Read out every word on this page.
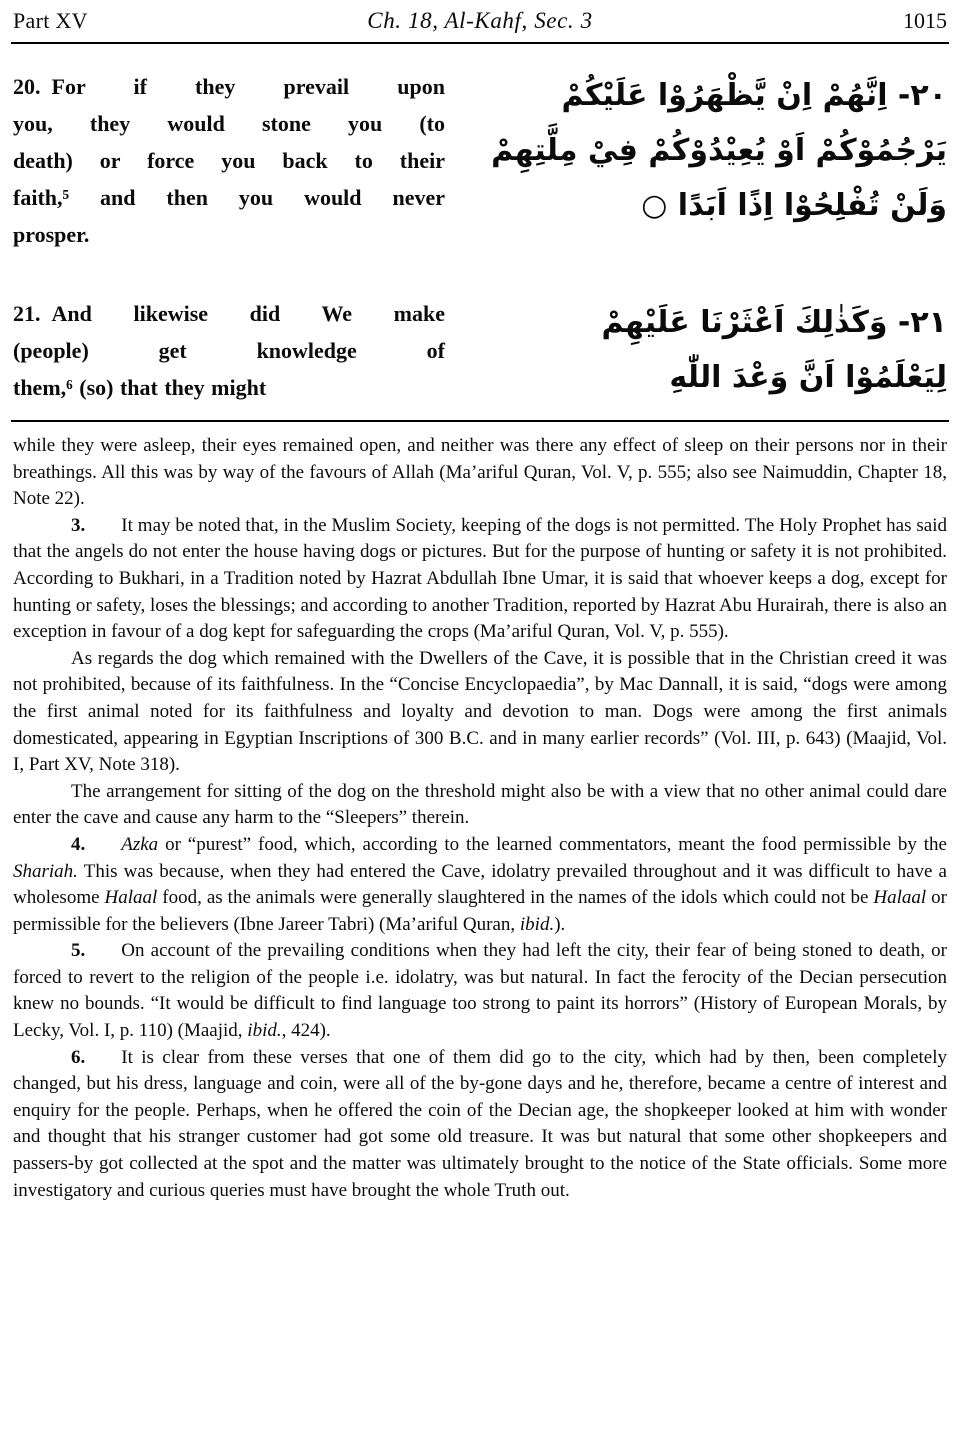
Part XV	Ch. 18, Al-Kahf, Sec. 3	1015
20. For if they prevail upon
you, they would stone you (to
death) or force you back to their
faith,⁵ and then you would never
prosper.
٢٠- اِنَّهُمْ اِنْ يَّظْهَرُوْا عَلَيْكُمْ
يَرْجُمُوْكُمْ اَوْ يُعِيْدُوْكُمْ فِيْ مِلَّتِهِمْ
وَلَنْ تُفْلِحُوْا اِذًا اَبَدًا ○
21. And likewise did We make
(people) get knowledge of
them,⁶ (so) that they might
٢١- وَكَذٰلِكَ اَعْثَرْنَا عَلَيْهِمْ
لِيَعْلَمُوْا اَنَّ وَعْدَ اللّٰهِ

while they were asleep, their eyes remained open, and neither was there any effect of sleep on their persons nor in their breathings. All this was by way of the favours of Allah (Ma’ariful Quran, Vol. V, p. 555; also see Naimuddin, Chapter 18, Note 22).

3. It may be noted that, in the Muslim Society, keeping of the dogs is not permitted. The Holy Prophet has said that the angels do not enter the house having dogs or pictures. But for the purpose of hunting or safety it is not prohibited. According to Bukhari, in a Tradition noted by Hazrat Abdullah Ibne Umar, it is said that whoever keeps a dog, except for hunting or safety, loses the blessings; and according to another Tradition, reported by Hazrat Abu Hurairah, there is also an exception in favour of a dog kept for safeguarding the crops (Ma’ariful Quran, Vol. V, p. 555).

As regards the dog which remained with the Dwellers of the Cave, it is possible that in the Christian creed it was not prohibited, because of its faithfulness. In the “Concise Encyclopaedia”, by Mac Dannall, it is said, “dogs were among the first animal noted for its faithfulness and loyalty and devotion to man. Dogs were among the first animals domesticated, appearing in Egyptian Inscriptions of 300 B.C. and in many earlier records” (Vol. III, p. 643) (Maajid, Vol. I, Part XV, Note 318).

The arrangement for sitting of the dog on the threshold might also be with a view that no other animal could dare enter the cave and cause any harm to the “Sleepers” therein.

4. Azka or “purest” food, which, according to the learned commentators, meant the food permissible by the Shariah. This was because, when they had entered the Cave, idolatry prevailed throughout and it was difficult to have a wholesome Halaal food, as the animals were generally slaughtered in the names of the idols which could not be Halaal or permissible for the believers (Ibne Jareer Tabri) (Ma’ariful Quran, ibid.).

5. On account of the prevailing conditions when they had left the city, their fear of being stoned to death, or forced to revert to the religion of the people i.e. idolatry, was but natural. In fact the ferocity of the Decian persecution knew no bounds. “It would be difficult to find language too strong to paint its horrors” (History of European Morals, by Lecky, Vol. I, p. 110) (Maajid, ibid., 424).

6. It is clear from these verses that one of them did go to the city, which had by then, been completely changed, but his dress, language and coin, were all of the by-gone days and he, therefore, became a centre of interest and enquiry for the people. Perhaps, when he offered the coin of the Decian age, the shopkeeper looked at him with wonder and thought that his stranger customer had got some old treasure. It was but natural that some other shopkeepers and passers-by got collected at the spot and the matter was ultimately brought to the notice of the State officials. Some more investigatory and curious queries must have brought the whole Truth out.
